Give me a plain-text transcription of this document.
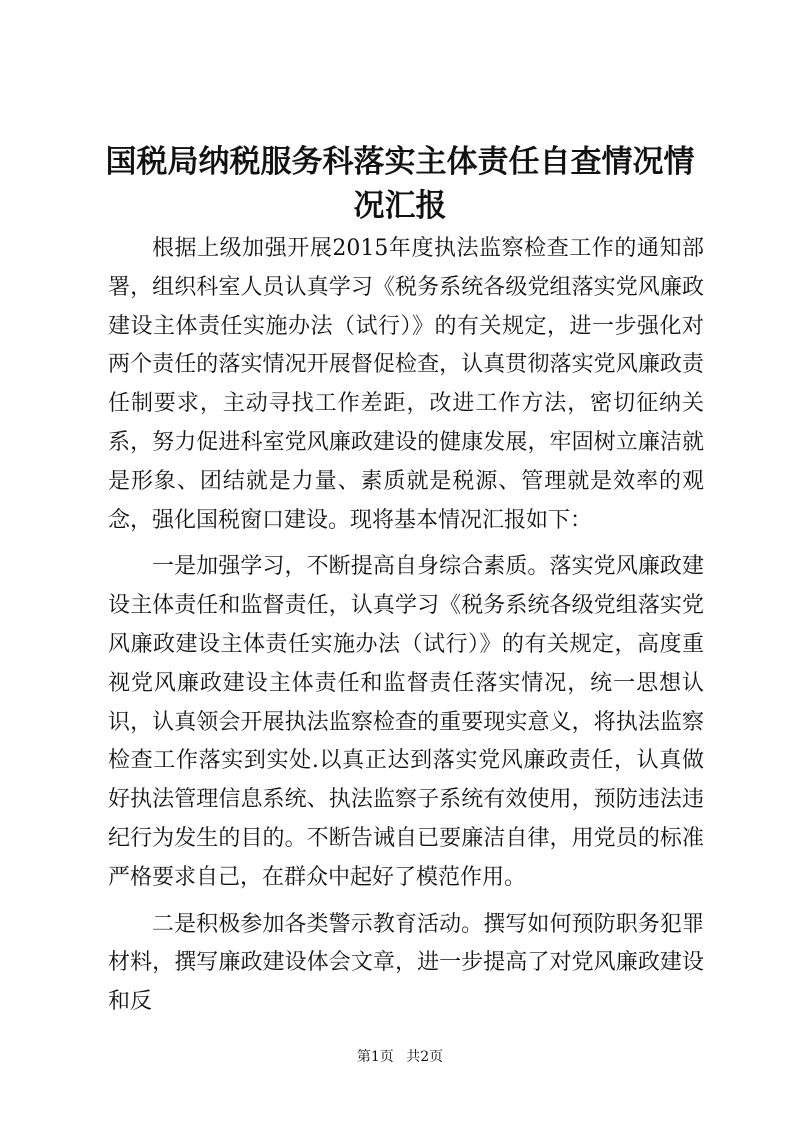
国税局纳税服务科落实主体责任自查情况情况汇报

根据上级加强开展2015年度执法监察检查工作的通知部署，组织科室人员认真学习《税务系统各级党组落实党风廉政建设主体责任实施办法（试行）》的有关规定，进一步强化对两个责任的落实情况开展督促检查，认真贯彻落实党风廉政责任制要求，主动寻找工作差距，改进工作方法，密切征纳关系，努力促进科室党风廉政建设的健康发展，牢固树立廉洁就是形象、团结就是力量、素质就是税源、管理就是效率的观念，强化国税窗口建设。现将基本情况汇报如下：

一是加强学习，不断提高自身综合素质。落实党风廉政建设主体责任和监督责任，认真学习《税务系统各级党组落实党风廉政建设主体责任实施办法（试行）》的有关规定，高度重视党风廉政建设主体责任和监督责任落实情况，统一思想认识，认真领会开展执法监察检查的重要现实意义，将执法监察检查工作落实到实处.以真正达到落实党风廉政责任，认真做好执法管理信息系统、执法监察子系统有效使用，预防违法违纪行为发生的目的。不断告诫自已要廉洁自律，用党员的标准严格要求自己，在群众中起好了模范作用。

二是积极参加各类警示教育活动。撰写如何预防职务犯罪材料，撰写廉政建设体会文章，进一步提高了对党风廉政建设和反

第1页 共2页
